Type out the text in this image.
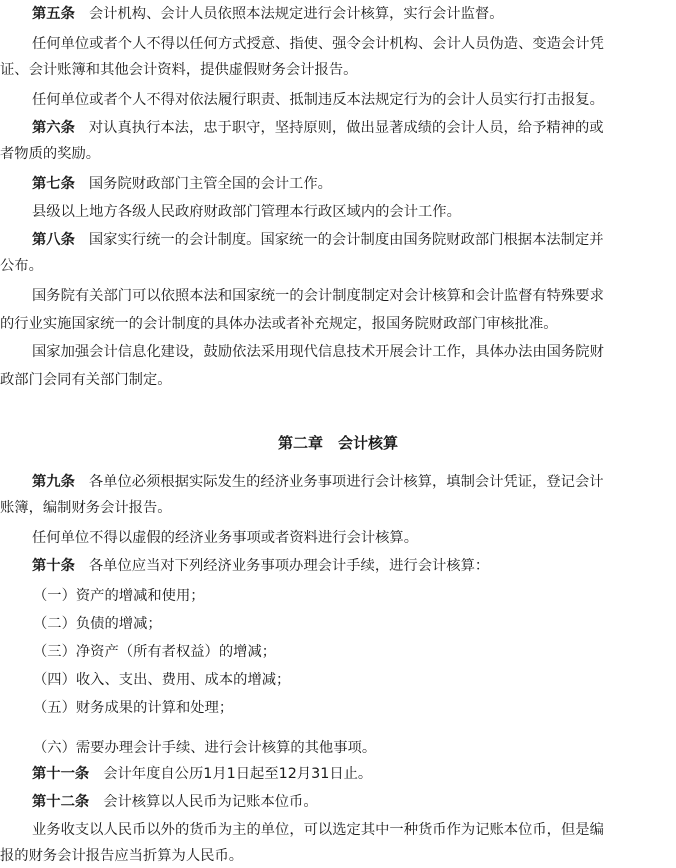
第五条 会计机构、会计人员依照本法规定进行会计核算，实行会计监督。
任何单位或者个人不得以任何方式授意、指使、强令会计机构、会计人员伪造、变造会计凭
证、会计账簿和其他会计资料，提供虚假财务会计报告。
任何单位或者个人不得对依法履行职责、抵制违反本法规定行为的会计人员实行打击报复。
第六条 对认真执行本法，忠于职守，坚持原则，做出显著成绩的会计人员，给予精神的或
者物质的奖励。
第七条 国务院财政部门主管全国的会计工作。
县级以上地方各级人民政府财政部门管理本行政区域内的会计工作。
第八条 国家实行统一的会计制度。国家统一的会计制度由国务院财政部门根据本法制定并
公布。
国务院有关部门可以依照本法和国家统一的会计制度制定对会计核算和会计监督有特殊要求
的行业实施国家统一的会计制度的具体办法或者补充规定，报国务院财政部门审核批准。
国家加强会计信息化建设，鼓励依法采用现代信息技术开展会计工作，具体办法由国务院财
政部门会同有关部门制定。
第二章　会计核算
第九条 各单位必须根据实际发生的经济业务事项进行会计核算，填制会计凭证，登记会计
账簿，编制财务会计报告。
任何单位不得以虚假的经济业务事项或者资料进行会计核算。
第十条 各单位应当对下列经济业务事项办理会计手续，进行会计核算：
（一）资产的增减和使用；
（二）负债的增减；
（三）净资产（所有者权益）的增减；
（四）收入、支出、费用、成本的增减；
（五）财务成果的计算和处理；
（六）需要办理会计手续、进行会计核算的其他事项。
第十一条 会计年度自公历1月1日起至12月31日止。
第十二条 会计核算以人民币为记账本位币。
业务收支以人民币以外的货币为主的单位，可以选定其中一种货币作为记账本位币，但是编
报的财务会计报告应当折算为人民币。
